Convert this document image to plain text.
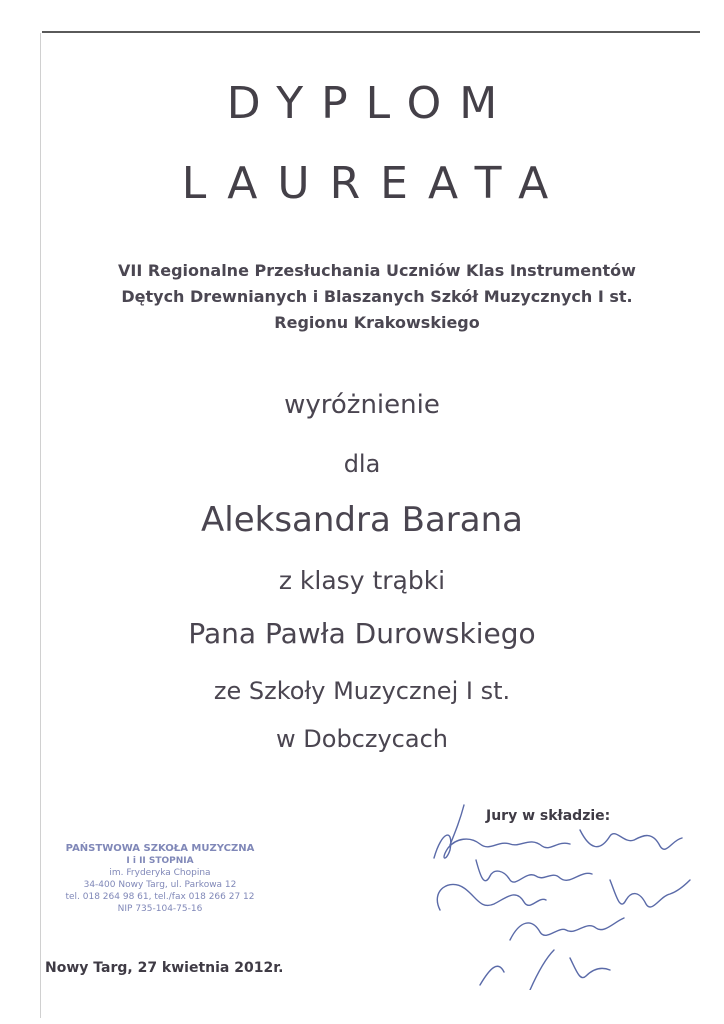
DYPLOM
LAUREATA
VII Regionalne Przesłuchania Uczniów Klas Instrumentów
Dętych Drewnianych i Blaszanych Szkół Muzycznych I st.
Regionu Krakowskiego
wyróżnienie
dla
Aleksandra Barana
z klasy trąbki
Pana Pawła Durowskiego
ze Szkoły Muzycznej I st.
w Dobczycach
PAŃSTWOWA SZKOŁA MUZYCZNA
I i II STOPNIA
im. Fryderyka Chopina
34-400 Nowy Targ, ul. Parkowa 12
tel. 018 264 98 61, tel./fax 018 266 27 12
NIP 735-104-75-16
Nowy Targ, 27 kwietnia 2012r.
Jury w składzie:
